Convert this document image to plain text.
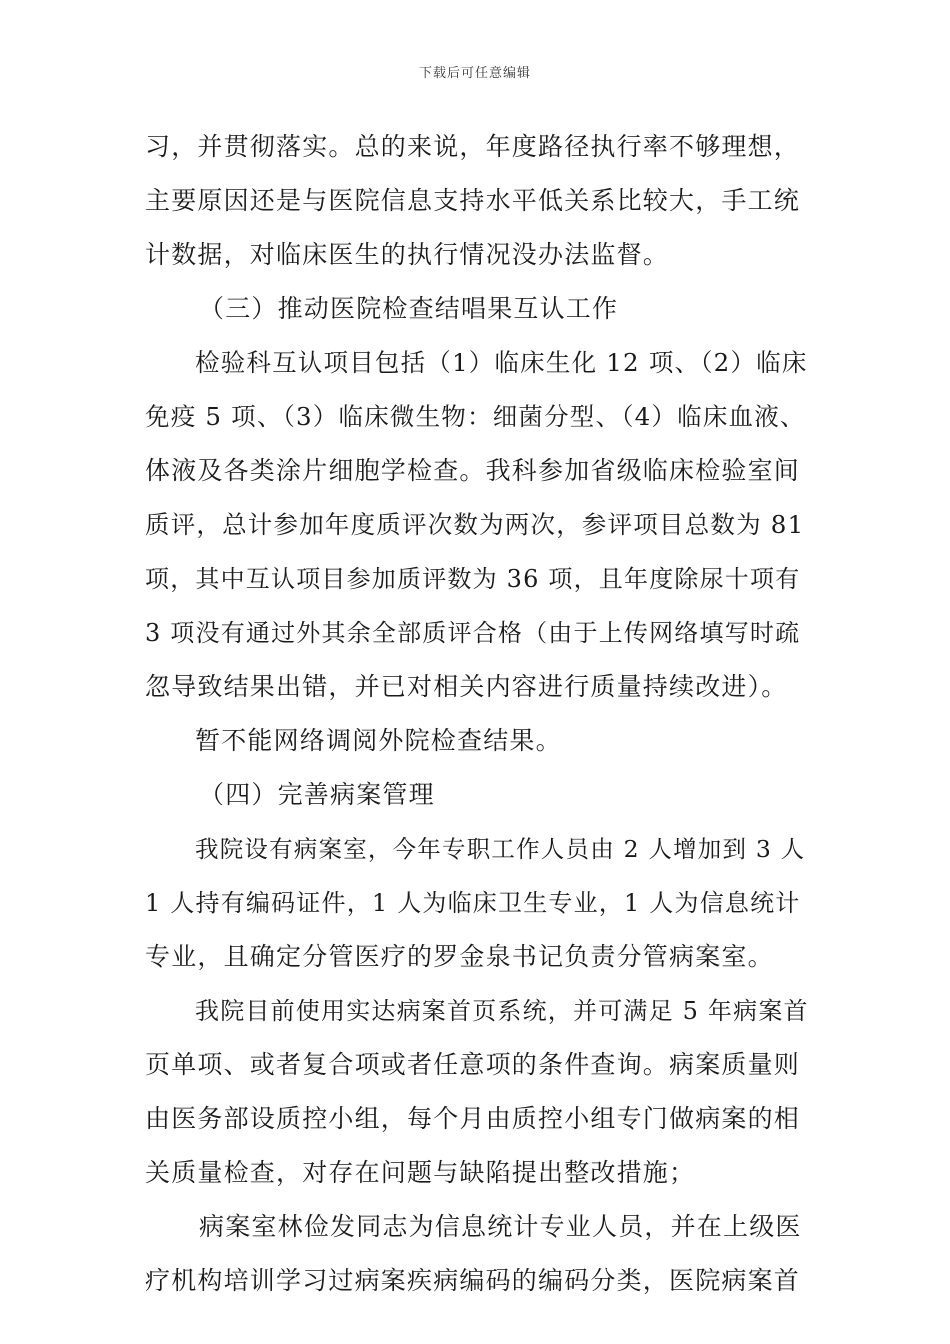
下载后可任意编辑
习，并贯彻落实。总的来说，年度路径执行率不够理想，
主要原因还是与医院信息支持水平低关系比较大，手工统
计数据，对临床医生的执行情况没办法监督。
（三）推动医院检查结唱果互认工作
检验科互认项目包括（1）临床生化 12 项、（2）临床
免疫 5 项、（3）临床微生物：细菌分型、（4）临床血液、
体液及各类涂片细胞学检查。我科参加省级临床检验室间
质评，总计参加年度质评次数为两次，参评项目总数为 81
项，其中互认项目参加质评数为 36 项，且年度除尿十项有
3 项没有通过外其余全部质评合格（由于上传网络填写时疏
忽导致结果出错，并已对相关内容进行质量持续改进）。
暂不能网络调阅外院检查结果。
（四）完善病案管理
我院设有病案室，今年专职工作人员由 2 人增加到 3 人
1 人持有编码证件，1 人为临床卫生专业，1 人为信息统计
专业，且确定分管医疗的罗金泉书记负责分管病案室。
我院目前使用实达病案首页系统，并可满足 5 年病案首
页单项、或者复合项或者任意项的条件查询。病案质量则
由医务部设质控小组，每个月由质控小组专门做病案的相
关质量检查，对存在问题与缺陷提出整改措施；
病案室林俭发同志为信息统计专业人员，并在上级医
疗机构培训学习过病案疾病编码的编码分类，医院病案首
